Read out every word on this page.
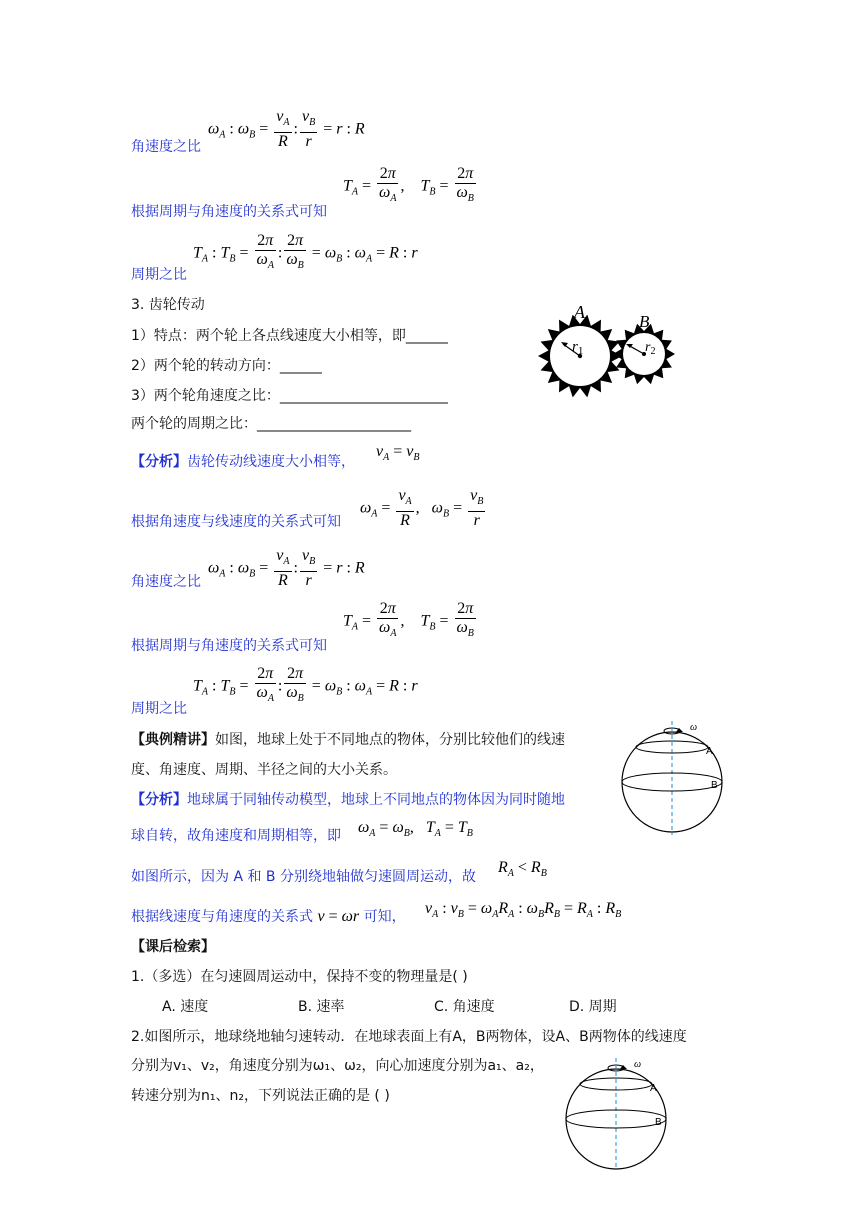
$\omega_A$ : $\omega_B = \frac{v_A}{R}$ : $\frac{v_B}{r} = r$ : R
角速度之比
$T_A = \frac{2\pi}{\omega_A}$ ,    $T_B = \frac{2\pi}{\omega_B}$
根据周期与角速度的关系式可知
$T_A$ : $T_B = \frac{2\pi}{\omega_A}$ : $\frac{2\pi}{\omega_B} = \omega_B$ : $\omega_A = R$ : r
周期之比
3. 齿轮传动
1）特点：两个轮上各点线速度大小相等，即______
2）两个轮的转动方向：______
3）两个轮角速度之比：________________________
两个轮的周期之比：______________________
A	B
$r_1$	$r_2$
【分析】齿轮传动线速度大小相等，
$v_A = v_B$
$\omega_A = \frac{v_A}{R}$ ,   $\omega_B = \frac{v_B}{r}$
根据角速度与线速度的关系式可知
$\omega_A$ : $\omega_B = \frac{v_A}{R}$ : $\frac{v_B}{r} = r$ : R
角速度之比
$T_A = \frac{2\pi}{\omega_A}$ ,    $T_B = \frac{2\pi}{\omega_B}$
根据周期与角速度的关系式可知
$T_A$ : $T_B = \frac{2\pi}{\omega_A}$ : $\frac{2\pi}{\omega_B} = \omega_B$ : $\omega_A = R$ : r
周期之比
【典例精讲】如图，地球上处于不同地点的物体，分别比较他们的线速
度、角速度、周期、半径之间的大小关系。
【分析】地球属于同轴传动模型，地球上不同地点的物体因为同时随地
球自转，故角速度和周期相等，即 $\omega_A = \omega_B$,   $T_A = T_B$
如图所示，因为 A 和 B 分别绕地轴做匀速圆周运动，故
$R_A < R_B$
根据线速度与角速度的关系式 v = ωr 可知， $v_A$ : $v_B = \omega_AR_A$ : $\omega_BR_B = R_A$ : $R_B$
ω
A
B
【课后检索】
1.（多选）在匀速圆周运动中，保持不变的物理量是( )
A. 速度	B. 速率	C. 角速度	D. 周期
2.如图所示，地球绕地轴匀速转动．在地球表面上有A，B两物体，设A、B两物体的线速度
分别为v₁、v₂，角速度分别为ω₁、ω₂，向心加速度分别为a₁、a₂，
转速分别为n₁、n₂，下列说法正确的是 ( )
ω
A
B
